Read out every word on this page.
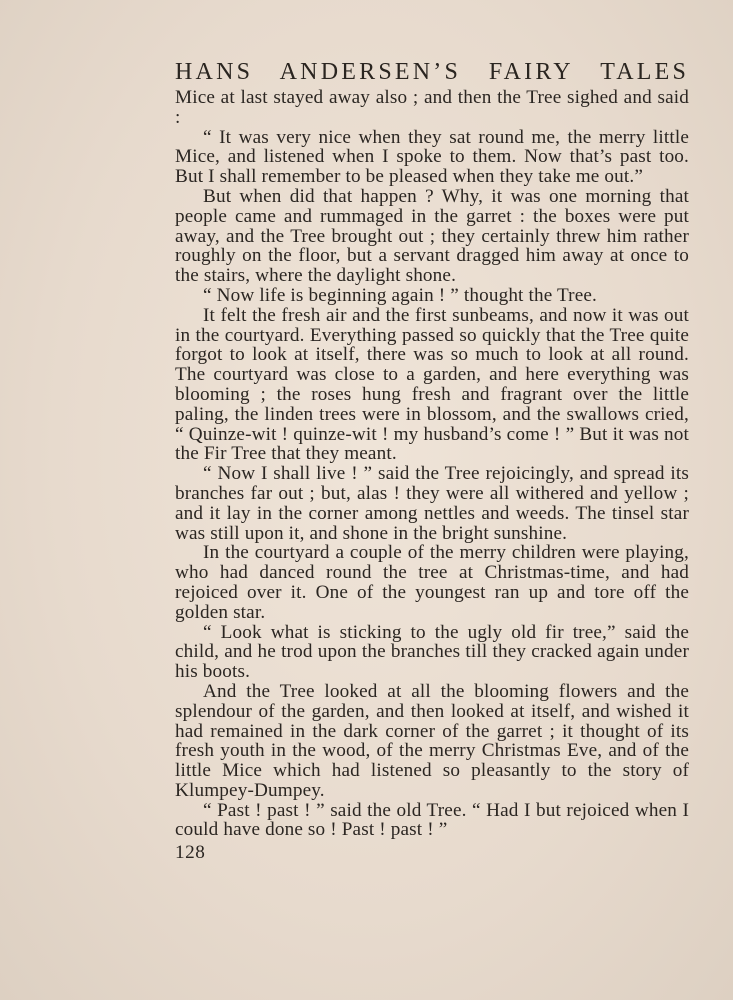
HANS ANDERSEN’S FAIRY TALES

Mice at last stayed away also ; and then the Tree sighed and said :

“ It was very nice when they sat round me, the merry little Mice, and listened when I spoke to them. Now that’s past too. But I shall remember to be pleased when they take me out.”

But when did that happen ? Why, it was one morning that people came and rummaged in the garret : the boxes were put away, and the Tree brought out ; they certainly threw him rather roughly on the floor, but a servant dragged him away at once to the stairs, where the daylight shone.

“ Now life is beginning again ! ” thought the Tree.

It felt the fresh air and the first sunbeams, and now it was out in the courtyard. Everything passed so quickly that the Tree quite forgot to look at itself, there was so much to look at all round. The courtyard was close to a garden, and here everything was blooming ; the roses hung fresh and fragrant over the little paling, the linden trees were in blossom, and the swallows cried, “ Quinze-wit ! quinze-wit ! my husband’s come ! ” But it was not the Fir Tree that they meant.

“ Now I shall live ! ” said the Tree rejoicingly, and spread its branches far out ; but, alas ! they were all withered and yellow ; and it lay in the corner among nettles and weeds. The tinsel star was still upon it, and shone in the bright sunshine.

In the courtyard a couple of the merry children were playing, who had danced round the tree at Christmas-time, and had rejoiced over it. One of the youngest ran up and tore off the golden star.

“ Look what is sticking to the ugly old fir tree,” said the child, and he trod upon the branches till they cracked again under his boots.

And the Tree looked at all the blooming flowers and the splendour of the garden, and then looked at itself, and wished it had remained in the dark corner of the garret ; it thought of its fresh youth in the wood, of the merry Christmas Eve, and of the little Mice which had listened so pleasantly to the story of Klumpey-Dumpey.

“ Past ! past ! ” said the old Tree. “ Had I but rejoiced when I could have done so ! Past ! past ! ”

128
